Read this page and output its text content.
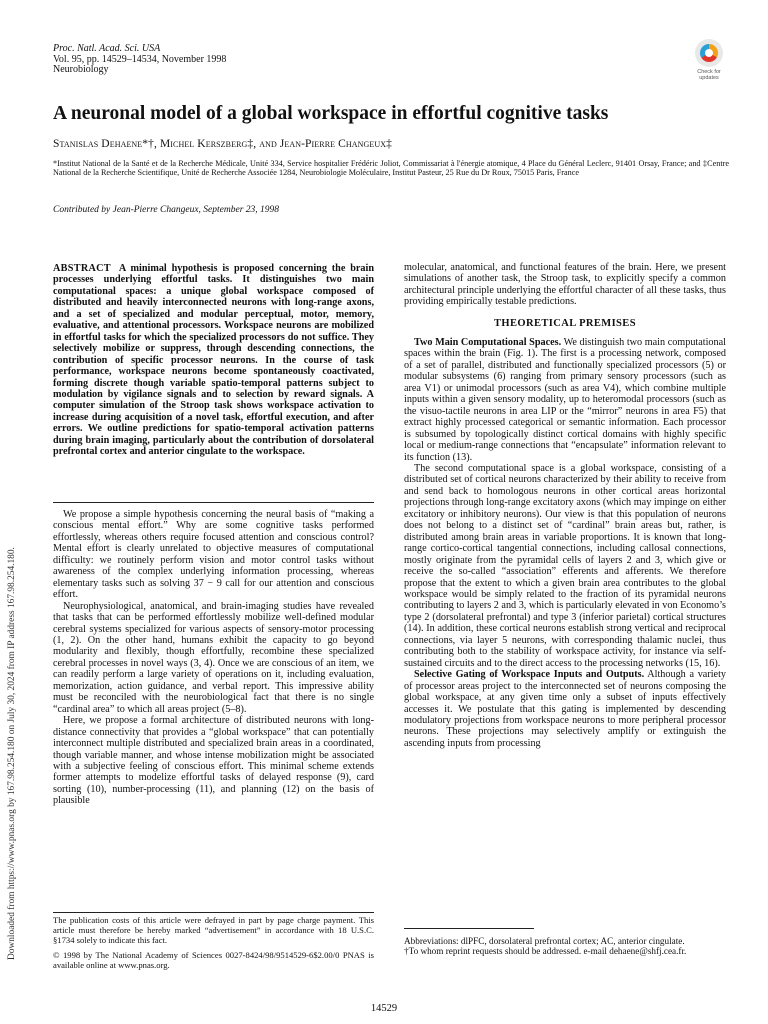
Proc. Natl. Acad. Sci. USA
Vol. 95, pp. 14529–14534, November 1998
Neurobiology	Check for
updates
A neuronal model of a global workspace in effortful cognitive tasks
Stanislas Dehaene*†, Michel Kerszberg‡, and Jean-Pierre Changeux‡
*Institut National de la Santé et de la Recherche Médicale, Unité 334, Service hospitalier Frédéric Joliot, Commissariat à l'énergie atomique, 4 Place du Général Leclerc, 91401 Orsay, France; and ‡Centre National de la Recherche Scientifique, Unité de Recherche Associée 1284, Neurobiologie Moléculaire, Institut Pasteur, 25 Rue du Dr Roux, 75015 Paris, France
Contributed by Jean-Pierre Changeux, September 23, 1998
Downloaded from https://www.pnas.org by 167.98.254.180 on July 30, 2024 from IP address 167.98.254.180.

ABSTRACT A minimal hypothesis is proposed concerning the brain processes underlying effortful tasks. It distinguishes two main computational spaces: a unique global workspace composed of distributed and heavily interconnected neurons with long-range axons, and a set of specialized and modular perceptual, motor, memory, evaluative, and attentional processors. Workspace neurons are mobilized in effortful tasks for which the specialized processors do not suffice. They selectively mobilize or suppress, through descending connections, the contribution of specific processor neurons. In the course of task performance, workspace neurons become spontaneously coactivated, forming discrete though variable spatio-temporal patterns subject to modulation by vigilance signals and to selection by reward signals. A computer simulation of the Stroop task shows workspace activation to increase during acquisition of a novel task, effortful execution, and after errors. We outline predictions for spatio-temporal activation patterns during brain imaging, particularly about the contribution of dorsolateral prefrontal cortex and anterior cingulate to the workspace.

We propose a simple hypothesis concerning the neural basis of “making a conscious mental effort.” Why are some cognitive tasks performed effortlessly, whereas others require focused attention and conscious control? Mental effort is clearly unrelated to objective measures of computational difficulty: we routinely perform vision and motor control tasks without awareness of the complex underlying information processing, whereas elementary tasks such as solving 37 − 9 call for our attention and conscious effort.

Neurophysiological, anatomical, and brain-imaging studies have revealed that tasks that can be performed effortlessly mobilize well-defined modular cerebral systems specialized for various aspects of sensory-motor processing (1, 2). On the other hand, humans exhibit the capacity to go beyond modularity and flexibly, though effortfully, recombine these specialized cerebral processes in novel ways (3, 4). Once we are conscious of an item, we can readily perform a large variety of operations on it, including evaluation, memorization, action guidance, and verbal report. This impressive ability must be reconciled with the neurobiological fact that there is no single “cardinal area” to which all areas project (5–8).

Here, we propose a formal architecture of distributed neurons with long-distance connectivity that provides a “global workspace” that can potentially interconnect multiple distributed and specialized brain areas in a coordinated, though variable manner, and whose intense mobilization might be associated with a subjective feeling of conscious effort. This minimal scheme extends former attempts to modelize effortful tasks of delayed response (9), card sorting (10), number-processing (11), and planning (12) on the basis of plausible

The publication costs of this article were defrayed in part by page charge payment. This article must therefore be hereby marked “advertisement” in accordance with 18 U.S.C. §1734 solely to indicate this fact.

© 1998 by The National Academy of Sciences 0027-8424/98/9514529-6$2.00/0 PNAS is available online at www.pnas.org.

molecular, anatomical, and functional features of the brain. Here, we present simulations of another task, the Stroop task, to explicitly specify a common architectural principle underlying the effortful character of all these tasks, thus providing empirically testable predictions.

THEORETICAL PREMISES

Two Main Computational Spaces. We distinguish two main computational spaces within the brain (Fig. 1). The first is a processing network, composed of a set of parallel, distributed and functionally specialized processors (5) or modular subsystems (6) ranging from primary sensory processors (such as area V1) or unimodal processors (such as area V4), which combine multiple inputs within a given sensory modality, up to heteromodal processors (such as the visuo-tactile neurons in area LIP or the “mirror” neurons in area F5) that extract highly processed categorical or semantic information. Each processor is subsumed by topologically distinct cortical domains with highly specific local or medium-range connections that “encapsulate” information relevant to its function (13).

The second computational space is a global workspace, consisting of a distributed set of cortical neurons characterized by their ability to receive from and send back to homologous neurons in other cortical areas horizontal projections through long-range excitatory axons (which may impinge on either excitatory or inhibitory neurons). Our view is that this population of neurons does not belong to a distinct set of “cardinal” brain areas but, rather, is distributed among brain areas in variable proportions. It is known that long-range cortico-cortical tangential connections, including callosal connections, mostly originate from the pyramidal cells of layers 2 and 3, which give or receive the so-called “association” efferents and afferents. We therefore propose that the extent to which a given brain area contributes to the global workspace would be simply related to the fraction of its pyramidal neurons contributing to layers 2 and 3, which is particularly elevated in von Economo’s type 2 (dorsolateral prefrontal) and type 3 (inferior parietal) cortical structures (14). In addition, these cortical neurons establish strong vertical and reciprocal connections, via layer 5 neurons, with corresponding thalamic nuclei, thus contributing both to the stability of workspace activity, for instance via self-sustained circuits and to the direct access to the processing networks (15, 16).

Selective Gating of Workspace Inputs and Outputs. Although a variety of processor areas project to the interconnected set of neurons composing the global workspace, at any given time only a subset of inputs effectively accesses it. We postulate that this gating is implemented by descending modulatory projections from workspace neurons to more peripheral processor neurons. These projections may selectively amplify or extinguish the ascending inputs from processing

Abbreviations: dlPFC, dorsolateral prefrontal cortex; AC, anterior cingulate.

†To whom reprint requests should be addressed. e-mail dehaene@shfj.cea.fr.

14529
